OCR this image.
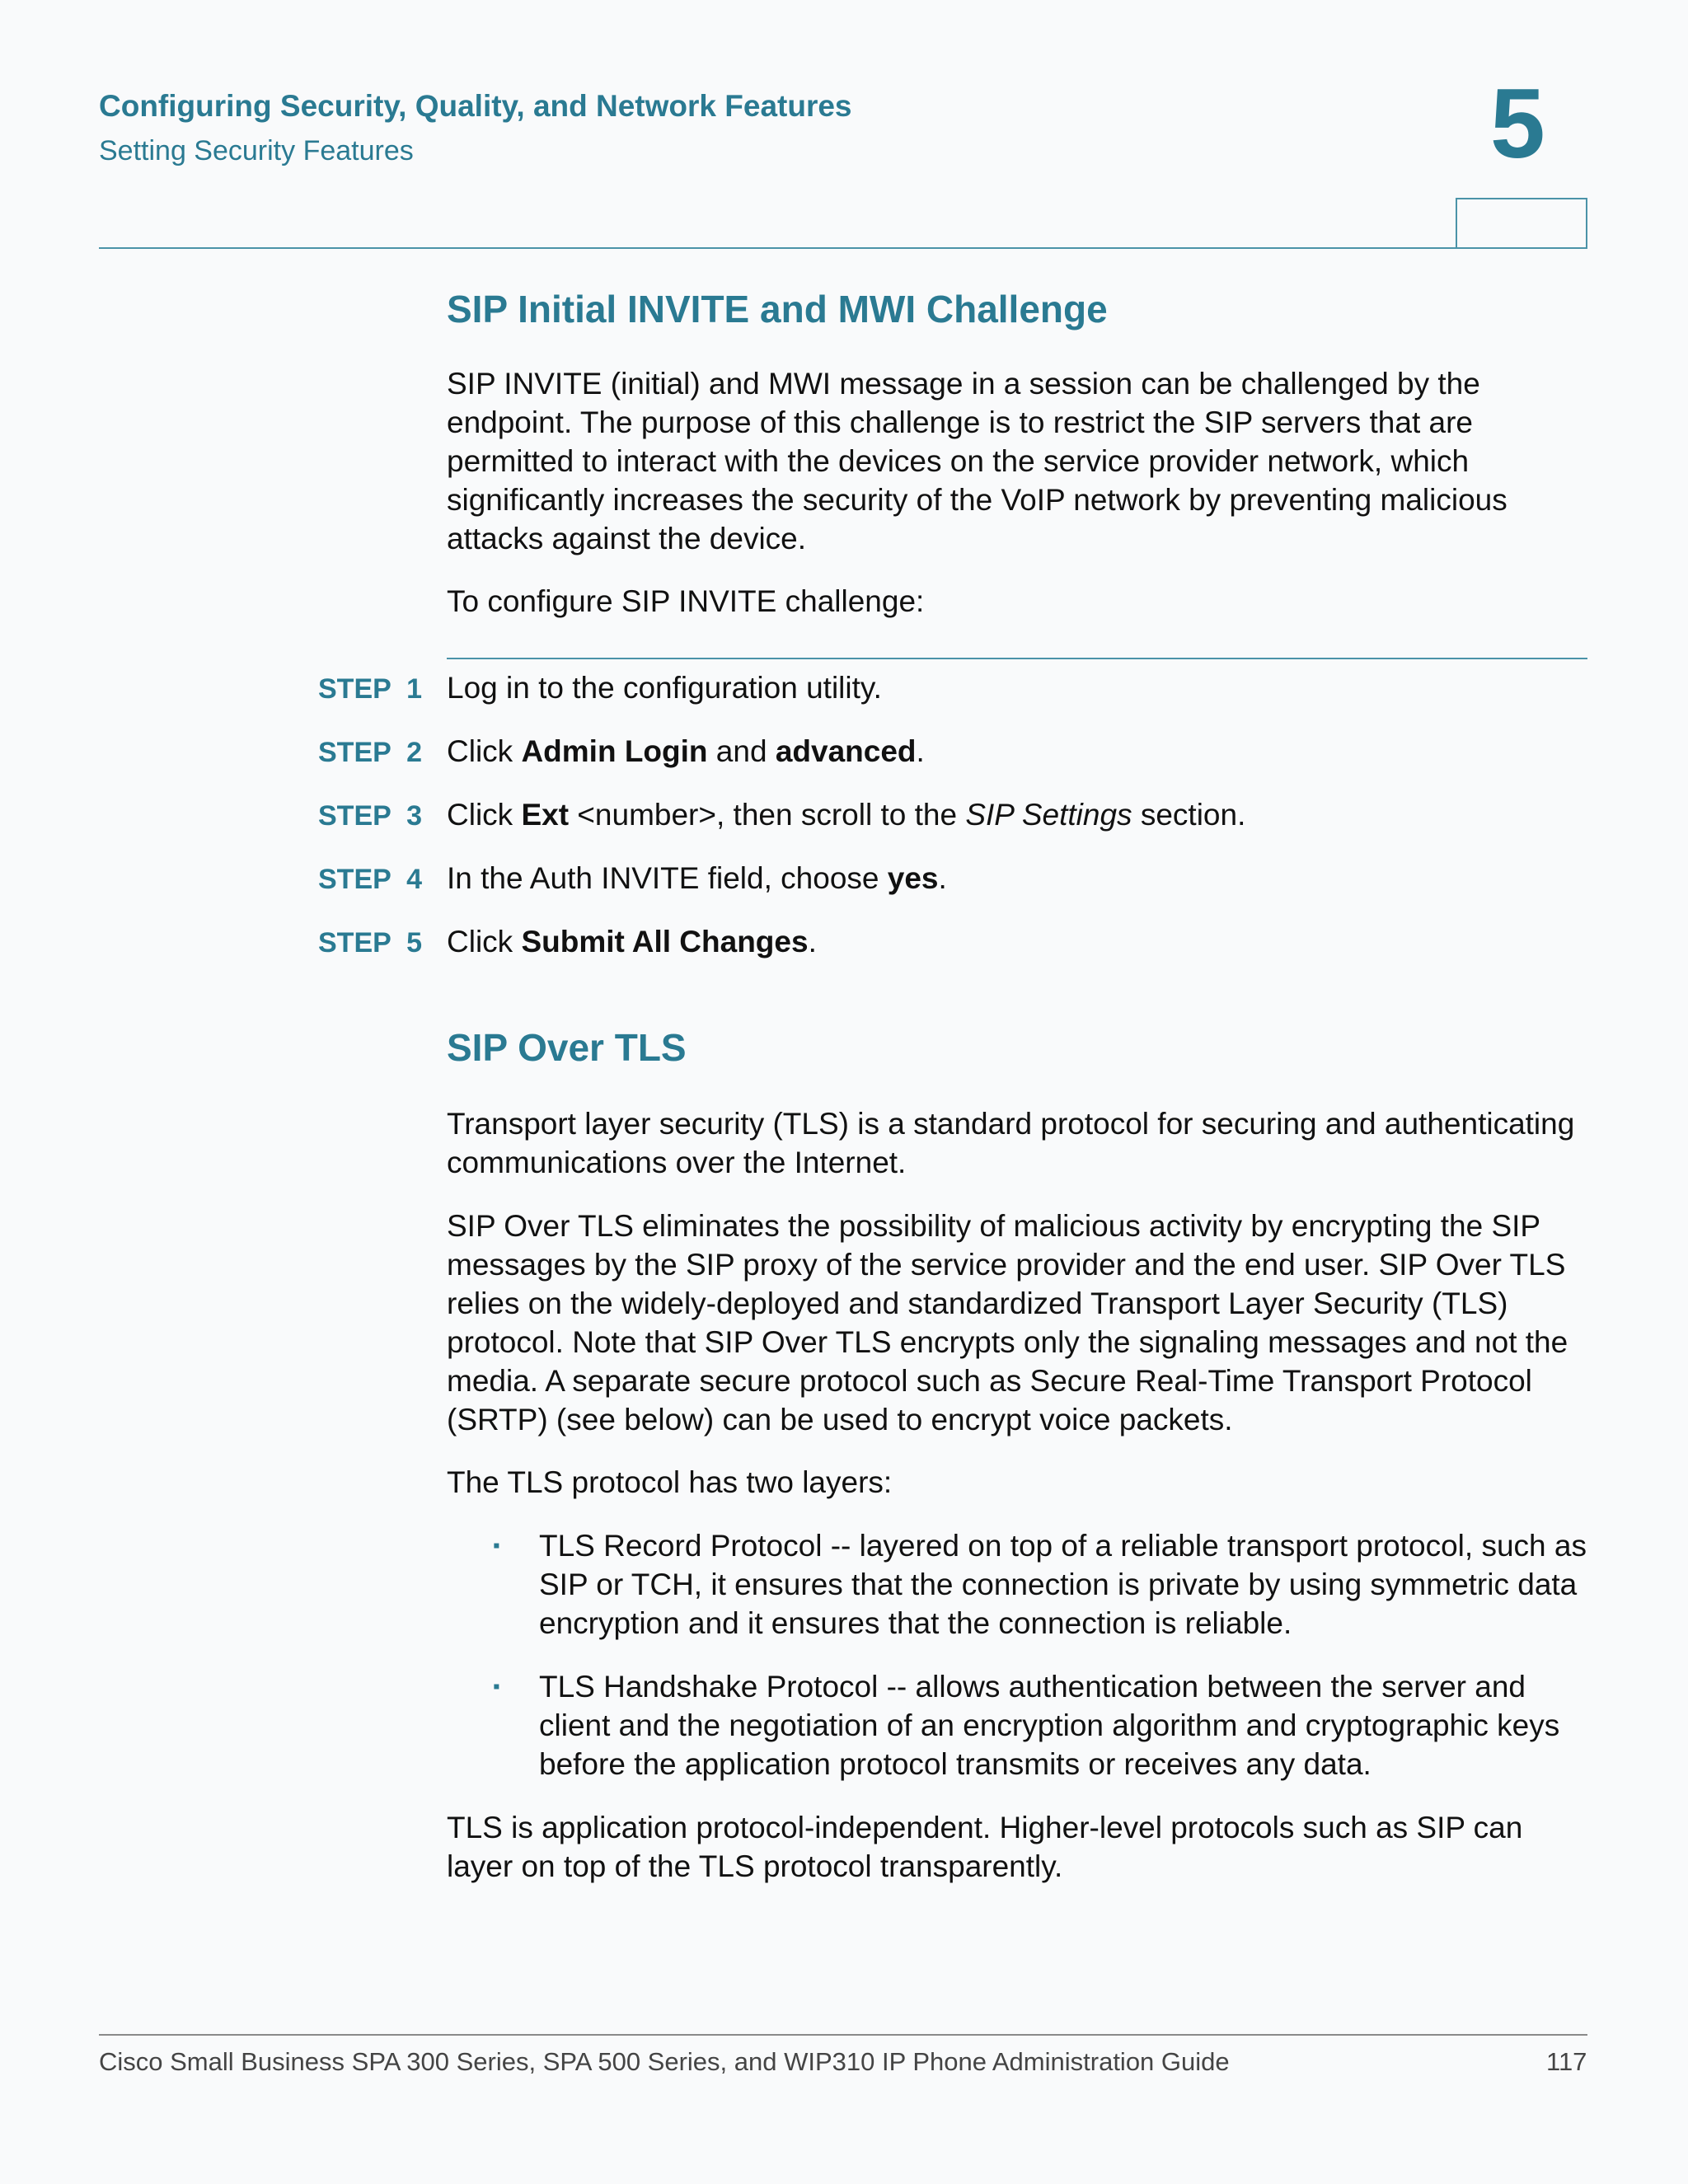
Configuring Security, Quality, and Network Features
Setting Security Features	5
SIP Initial INVITE and MWI Challenge
SIP INVITE (initial) and MWI message in a session can be challenged by the endpoint. The purpose of this challenge is to restrict the SIP servers that are permitted to interact with the devices on the service provider network, which significantly increases the security of the VoIP network by preventing malicious attacks against the device.
To configure SIP INVITE challenge:
STEP  1 Log in to the configuration utility.
STEP  2 Click Admin Login and advanced.
STEP  3 Click Ext <number>, then scroll to the SIP Settings section.
STEP  4 In the Auth INVITE field, choose yes.
STEP  5 Click Submit All Changes.
SIP Over TLS
Transport layer security (TLS) is a standard protocol for securing and authenticating communications over the Internet.
SIP Over TLS eliminates the possibility of malicious activity by encrypting the SIP messages by the SIP proxy of the service provider and the end user. SIP Over TLS relies on the widely-deployed and standardized Transport Layer Security (TLS) protocol. Note that SIP Over TLS encrypts only the signaling messages and not the media. A separate secure protocol such as Secure Real-Time Transport Protocol (SRTP) (see below) can be used to encrypt voice packets.
The TLS protocol has two layers:
▪ TLS Record Protocol -- layered on top of a reliable transport protocol, such as SIP or TCH, it ensures that the connection is private by using symmetric data encryption and it ensures that the connection is reliable.
▪ TLS Handshake Protocol -- allows authentication between the server and client and the negotiation of an encryption algorithm and cryptographic keys before the application protocol transmits or receives any data.
TLS is application protocol-independent. Higher-level protocols such as SIP can layer on top of the TLS protocol transparently.
Cisco Small Business SPA 300 Series, SPA 500 Series, and WIP310 IP Phone Administration Guide	117
